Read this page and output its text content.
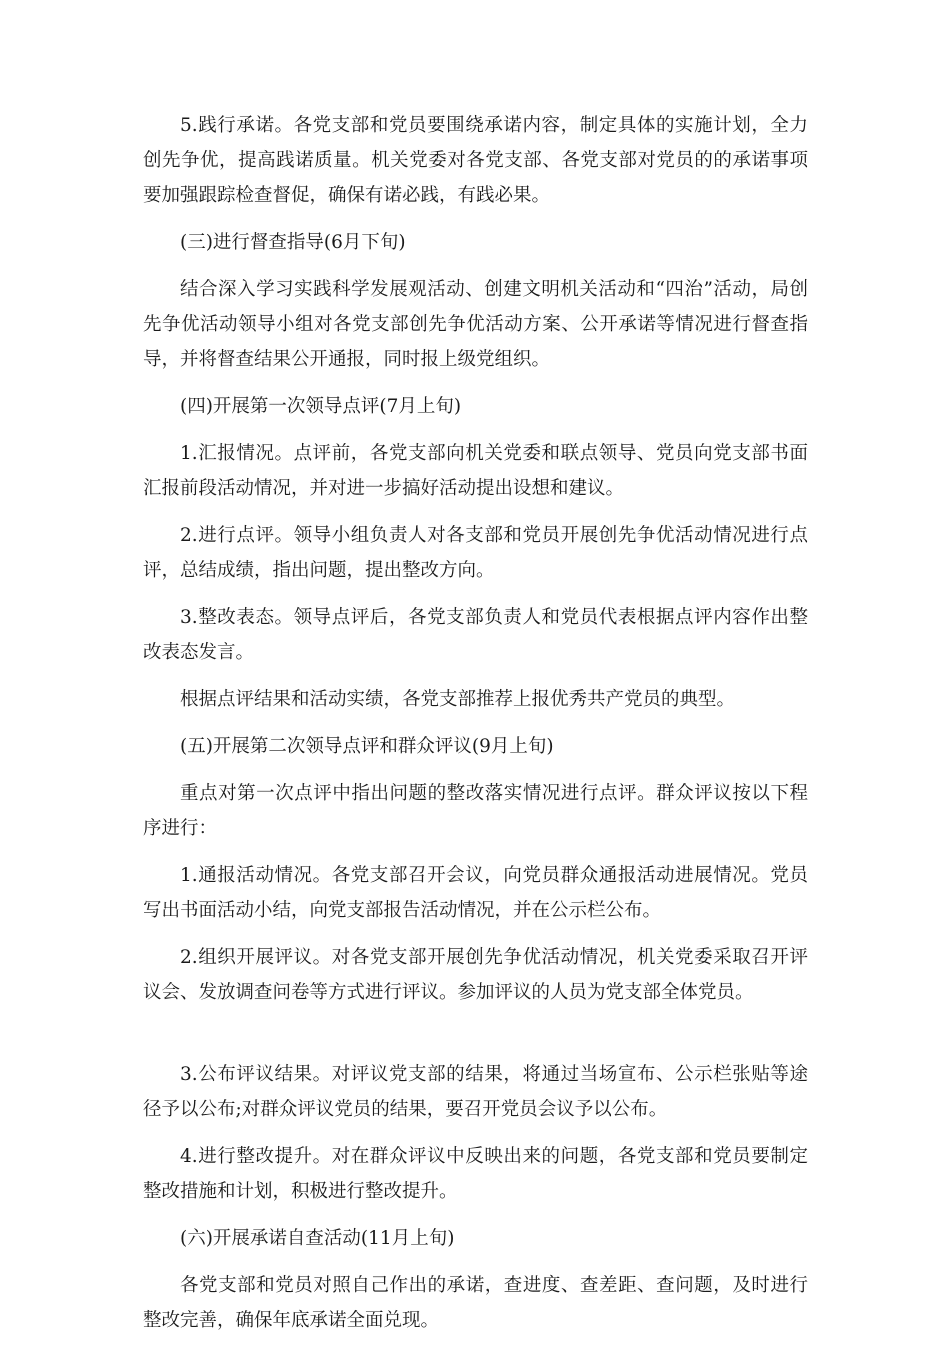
5.践行承诺。各党支部和党员要围绕承诺内容，制定具体的实施计划，全力创先争优，提高践诺质量。机关党委对各党支部、各党支部对党员的的承诺事项要加强跟踪检查督促，确保有诺必践，有践必果。

(三)进行督查指导(6月下旬)

结合深入学习实践科学发展观活动、创建文明机关活动和“四治”活动，局创先争优活动领导小组对各党支部创先争优活动方案、公开承诺等情况进行督查指导，并将督查结果公开通报，同时报上级党组织。

(四)开展第一次领导点评(7月上旬)

1.汇报情况。点评前，各党支部向机关党委和联点领导、党员向党支部书面汇报前段活动情况，并对进一步搞好活动提出设想和建议。

2.进行点评。领导小组负责人对各支部和党员开展创先争优活动情况进行点评，总结成绩，指出问题，提出整改方向。

3.整改表态。领导点评后，各党支部负责人和党员代表根据点评内容作出整改表态发言。

根据点评结果和活动实绩，各党支部推荐上报优秀共产党员的典型。

(五)开展第二次领导点评和群众评议(9月上旬)

重点对第一次点评中指出问题的整改落实情况进行点评。群众评议按以下程序进行：

1.通报活动情况。各党支部召开会议，向党员群众通报活动进展情况。党员写出书面活动小结，向党支部报告活动情况，并在公示栏公布。

2.组织开展评议。对各党支部开展创先争优活动情况，机关党委采取召开评议会、发放调查问卷等方式进行评议。参加评议的人员为党支部全体党员。

3.公布评议结果。对评议党支部的结果，将通过当场宣布、公示栏张贴等途径予以公布;对群众评议党员的结果，要召开党员会议予以公布。

4.进行整改提升。对在群众评议中反映出来的问题，各党支部和党员要制定整改措施和计划，积极进行整改提升。

(六)开展承诺自查活动(11月上旬)

各党支部和党员对照自己作出的承诺，查进度、查差距、查问题，及时进行整改完善，确保年底承诺全面兑现。
